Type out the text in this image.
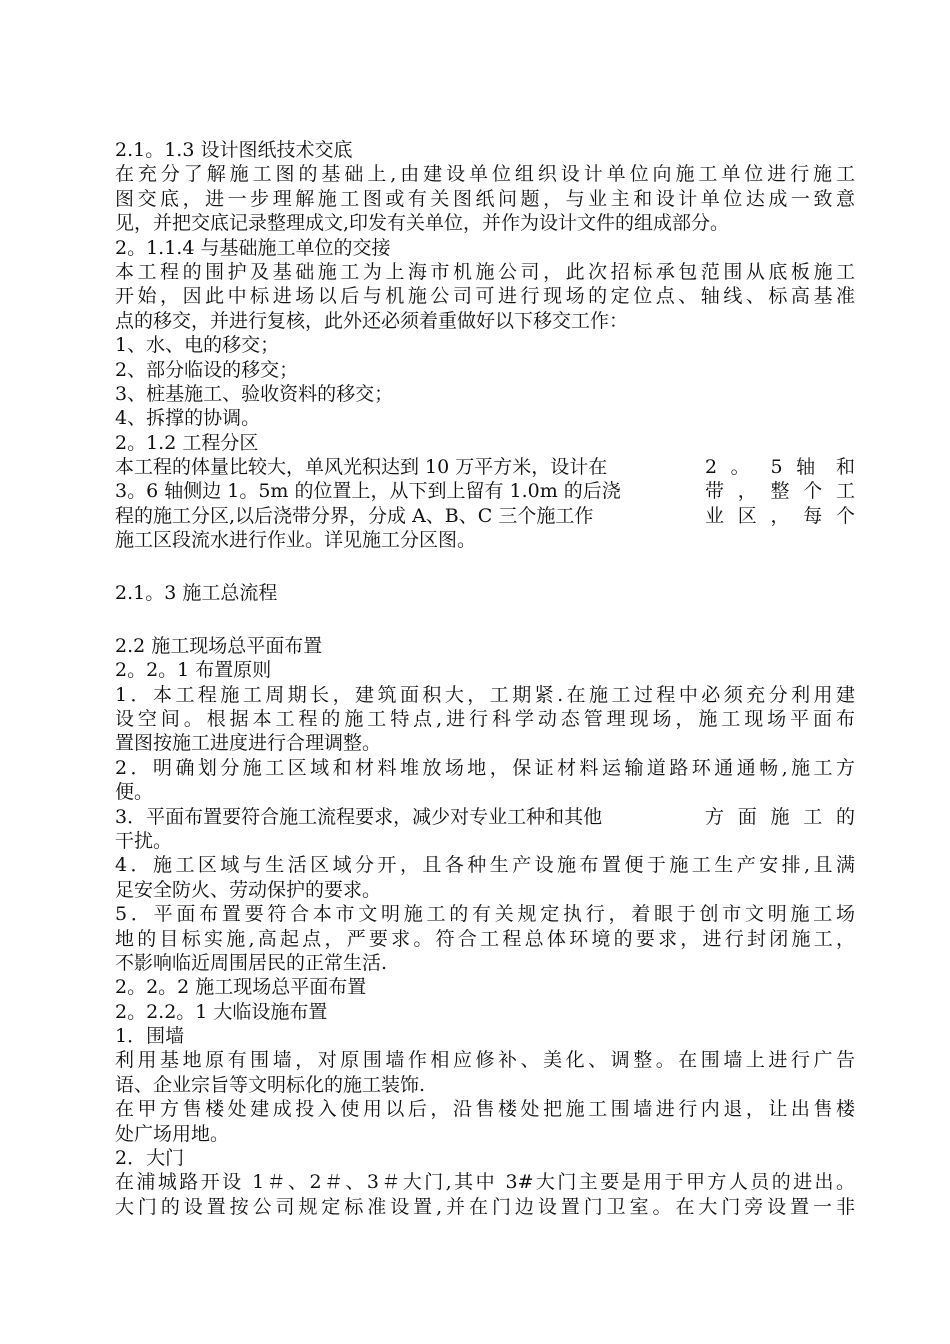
2.1。1.3 设计图纸技术交底
在充分了解施工图的基础上,由建设单位组织设计单位向施工单位进行施工
图交底，进一步理解施工图或有关图纸问题，与业主和设计单位达成一致意
见，并把交底记录整理成文,印发有关单位，并作为设计文件的组成部分。
2。1.1.4 与基础施工单位的交接
本工程的围护及基础施工为上海市机施公司，此次招标承包范围从底板施工
开始，因此中标进场以后与机施公司可进行现场的定位点、轴线、标高基准
点的移交，并进行复核，此外还必须着重做好以下移交工作：
1、水、电的移交；
2、部分临设的移交；
3、桩基施工、验收资料的移交；
4、拆撑的协调。
2。1.2 工程分区
本工程的体量比较大，单风光积达到 10 万平方米，设计在	2 。 5 轴 和
3。6 轴侧边 1。5m 的位置上，从下到上留有 1.0m 的后浇	带 ， 整 个 工
程的施工分区,以后浇带分界，分成 A、B、C 三个施工作	业 区 ， 每 个
施工区段流水进行作业。详见施工分区图。
2.1。3 施工总流程
2.2 施工现场总平面布置
2。2。1 布置原则
1．本工程施工周期长，建筑面积大，工期紧.在施工过程中必须充分利用建
设空间。根据本工程的施工特点,进行科学动态管理现场，施工现场平面布
置图按施工进度进行合理调整。
2．明确划分施工区域和材料堆放场地，保证材料运输道路环通通畅,施工方
便。
3．平面布置要符合施工流程要求，减少对专业工种和其他	方 面 施 工 的
干扰。
4．施工区域与生活区域分开，且各种生产设施布置便于施工生产安排,且满
足安全防火、劳动保护的要求。
5．平面布置要符合本市文明施工的有关规定执行，着眼于创市文明施工场
地的目标实施,高起点，严要求。符合工程总体环境的要求，进行封闭施工，
不影响临近周围居民的正常生活.
2。2。2 施工现场总平面布置
2。2.2。1 大临设施布置
1．围墙
利用基地原有围墙，对原围墙作相应修补、美化、调整。在围墙上进行广告
语、企业宗旨等文明标化的施工装饰.
在甲方售楼处建成投入使用以后，沿售楼处把施工围墙进行内退，让出售楼
处广场用地。
2．大门
在浦城路开设 1＃、2＃、3＃大门,其中 3#大门主要是用于甲方人员的进出。
大门的设置按公司规定标准设置,并在门边设置门卫室。在大门旁设置一非
